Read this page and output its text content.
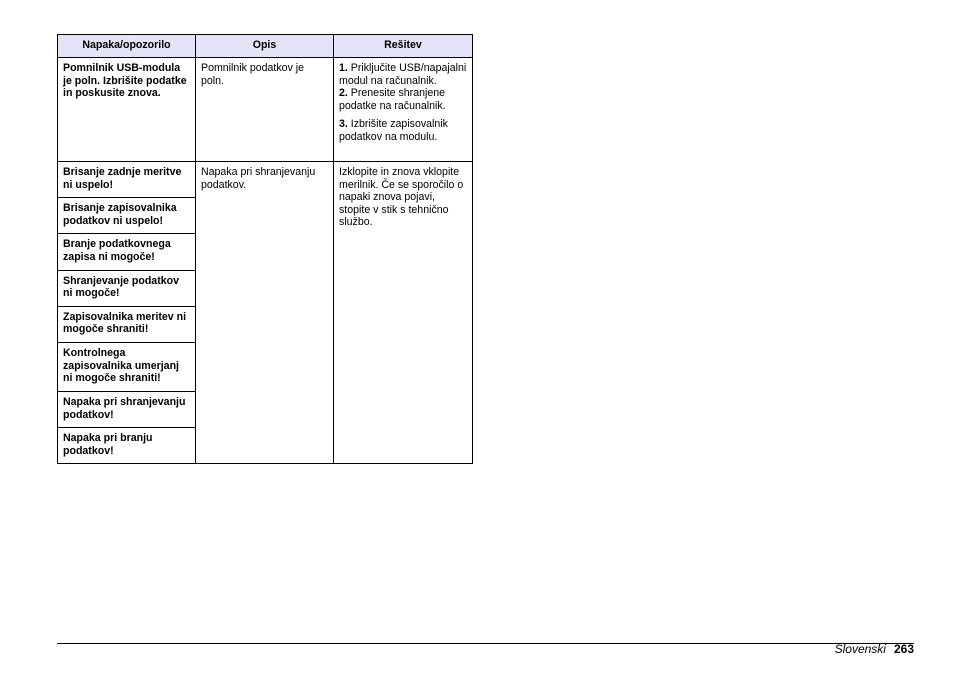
Napaka/opozorilo	Opis	Rešitev
Pomnilnik USB-modula je poln. Izbrišite podatke in poskusite znova.	Pomnilnik podatkov je poln.	1. Priključite USB/napajalni modul na računalnik.

2. Prenesite shranjene podatke na računalnik.

3. Izbrišite zapisovalnik podatkov na modulu.

Brisanje zadnje meritve ni uspelo!	Napaka pri shranjevanju podatkov.	Izklopite in znova vklopite merilnik. Če se sporočilo o napaki znova pojavi, stopite v stik s tehnično službo.
Brisanje zapisovalnika podatkov ni uspelo!		
Branje podatkovnega zapisa ni mogoče!		
Shranjevanje podatkov ni mogoče!		
Zapisovalnika meritev ni mogoče shraniti!		
Kontrolnega zapisovalnika umerjanj ni mogoče shraniti!		
Napaka pri shranjevanju podatkov!		
Napaka pri branju podatkov!		
Slovenski 263
